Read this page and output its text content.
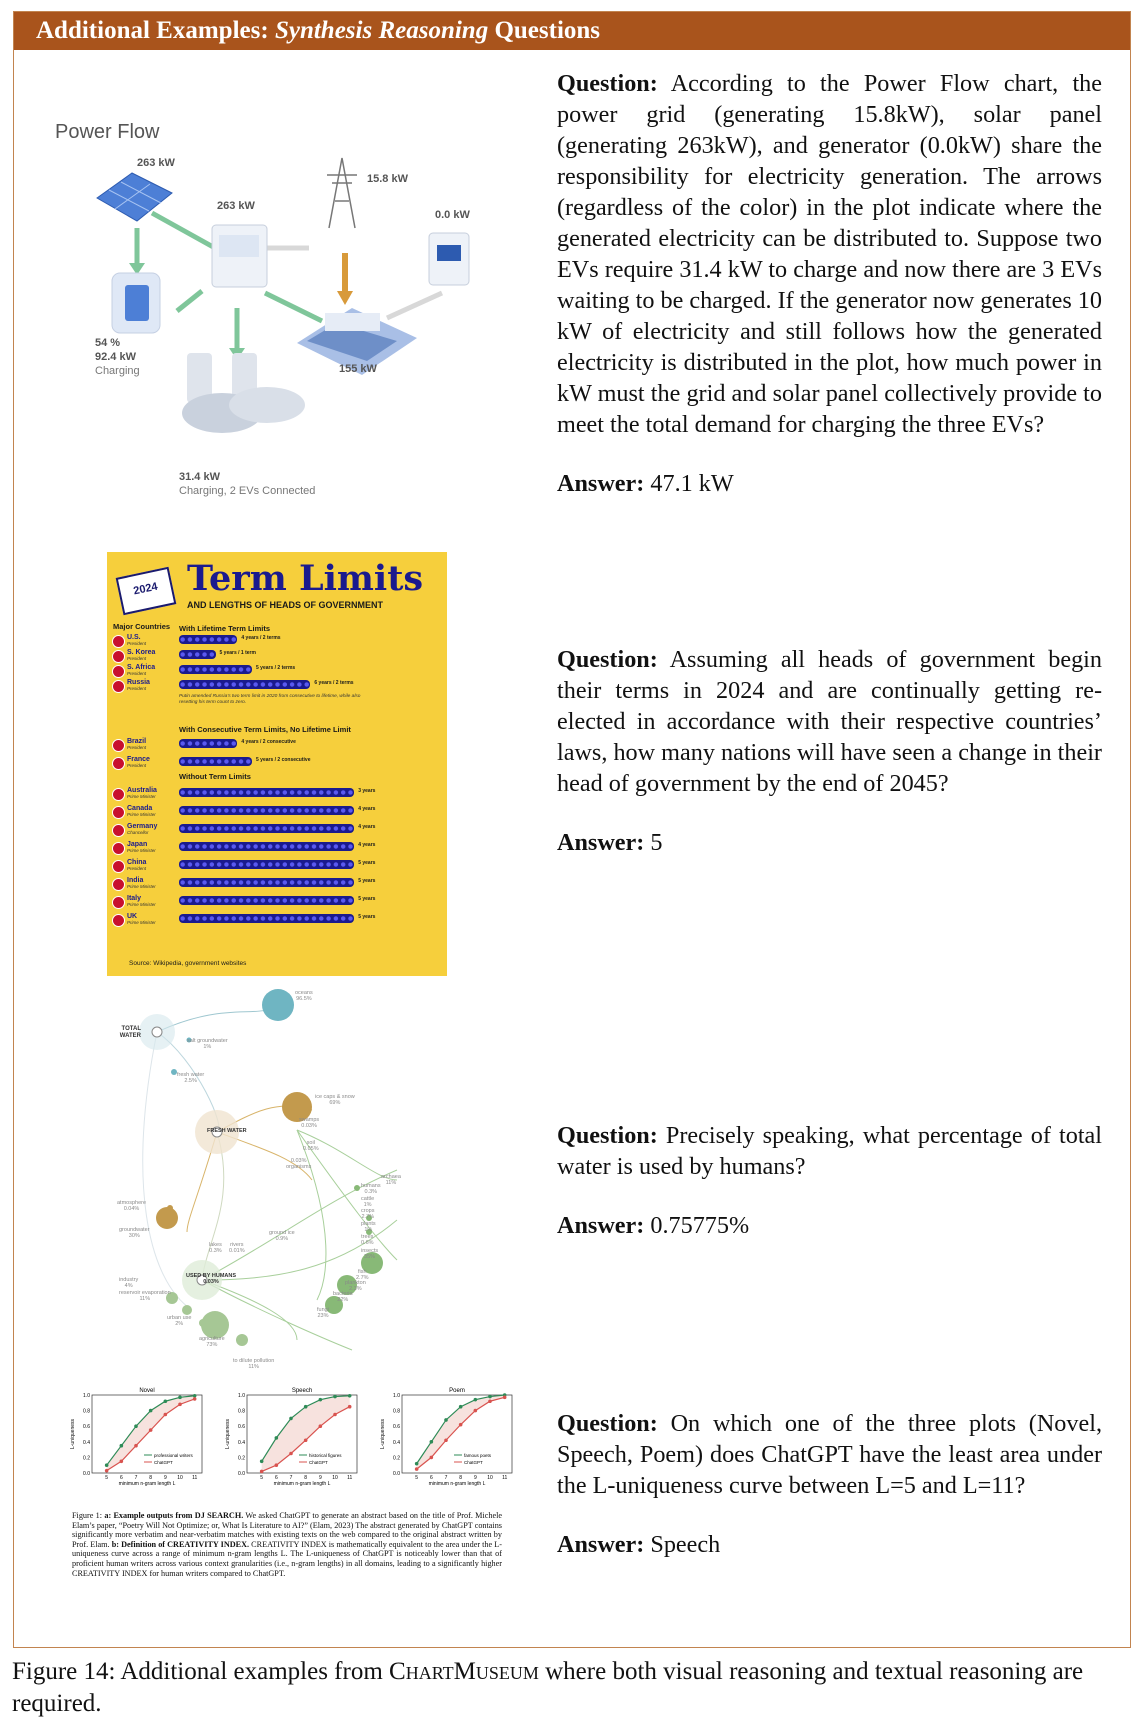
Additional Examples: Synthesis Reasoning Questions
Power Flow
263 kW
263 kW
15.8 kW
0.0 kW
54 %
92.4 kW
Charging	155 kW
31.4 kW
Charging, 2 EVs Connected
2024 Term Limits
AND LENGTHS OF HEADS OF GOVERNMENT
Major Countries With Lifetime Term Limits
U.S.
President
4 years / 2 terms
S. Korea
President
5 years / 1 term
S. Africa
President
5 years / 2 terms
Russia
President
6 years / 2 terms
Putin amended Russia’s two term limit in 2020 from consecutive to lifetime, while also resetting his term count to zero.
With Consecutive Term Limits, No Lifetime Limit
Brazil
President
4 years / 2 consecutive
France
President
5 years / 2 consecutive
Without Term Limits
Australia
Prime Minister
3 years
Canada
Prime Minister
4 years
Germany
Chancellor
4 years
Japan
Prime Minister
4 years
China
President
5 years
India
Prime Minister
5 years
Italy
Prime Minister
5 years
UK
Prime Minister
5 years
Source: Wikipedia, government websites
TOTAL WATER
oceans
96.5%
salt groundwater
1%
fresh water
2.5%
FRESH WATER
ice caps & snow
69%
swamps
0.03%
soil
0.05%
0.03%
organisms
atmosphere
0.04%
groundwater
30%
lakes
0.3%
rivers
0.01%
ground ice
0.9%
USED BY HUMANS
0.03%
industry
4%
reservoir evaporation
11%
urban use
2%
agriculture
73%
to dilute pollution
11%
archaea
11%
humans
0.3%
cattle
1%
crops
2.7%
plants
1%
trees
0.6%
insects
35%
fish
2.7%
plankton
2.3%
bacteria
22%
fungi
23%
Novel
0.0
0.2
0.4
0.6
0.8
1.0
5 6 7 8 9 10 11
minimum n-gram length L
L-uniqueness
professional writers
ChatGPT
Speech
0.0
0.2
0.4
0.6
0.8
1.0
5 6 7 8 9 10 11
minimum n-gram length L
L-uniqueness
historical figures
ChatGPT
Poem
0.0
0.2
0.4
0.6
0.8
1.0
5 6 7 8 9 10 11
minimum n-gram length L
L-uniqueness
famous poets
ChatGPT
Figure 1: a: Example outputs from DJ SEARCH. We asked ChatGPT to generate an abstract based on the title of Prof. Michele Elam’s paper, “Poetry Will Not Optimize; or, What Is Literature to AI?” (Elam, 2023) The abstract generated by ChatGPT contains significantly more verbatim and near-verbatim matches with existing texts on the web compared to the original abstract written by Prof. Elam. b: Definition of CREATIVITY INDEX. CREATIVITY INDEX is mathematically equivalent to the area under the L-uniqueness curve across a range of minimum n-gram lengths L. The L-uniqueness of ChatGPT is noticeably lower than that of proficient human writers across various context granularities (i.e., n-gram lengths) in all domains, leading to a significantly higher CREATIVITY INDEX for human writers compared to ChatGPT.
Question: According to the Power Flow chart, the power grid (generating 15.8kW), solar panel (generating 263kW), and generator (0.0kW) share the responsibility for electricity generation. The arrows (regardless of the color) in the plot indicate where the generated electricity can be distributed to. Suppose two EVs require 31.4 kW to charge and now there are 3 EVs waiting to be charged. If the generator now generates 10 kW of electricity and still follows how the generated electricity is distributed in the plot, how much power in kW must the grid and solar panel collectively provide to meet the total demand for charging the three EVs?
Answer: 47.1 kW
Question: Assuming all heads of government begin their terms in 2024 and are continually getting re-elected in accordance with their respective countries’ laws, how many nations will have seen a change in their head of government by the end of 2045?
Answer: 5
Question: Precisely speaking, what percentage of total water is used by humans?
Answer: 0.75775%
Question: On which one of the three plots (Novel, Speech, Poem) does ChatGPT have the least area under the L-uniqueness curve between L=5 and L=11?
Answer: Speech
Figure 14: Additional examples from ChartMuseum where both visual reasoning and textual reasoning are required.
